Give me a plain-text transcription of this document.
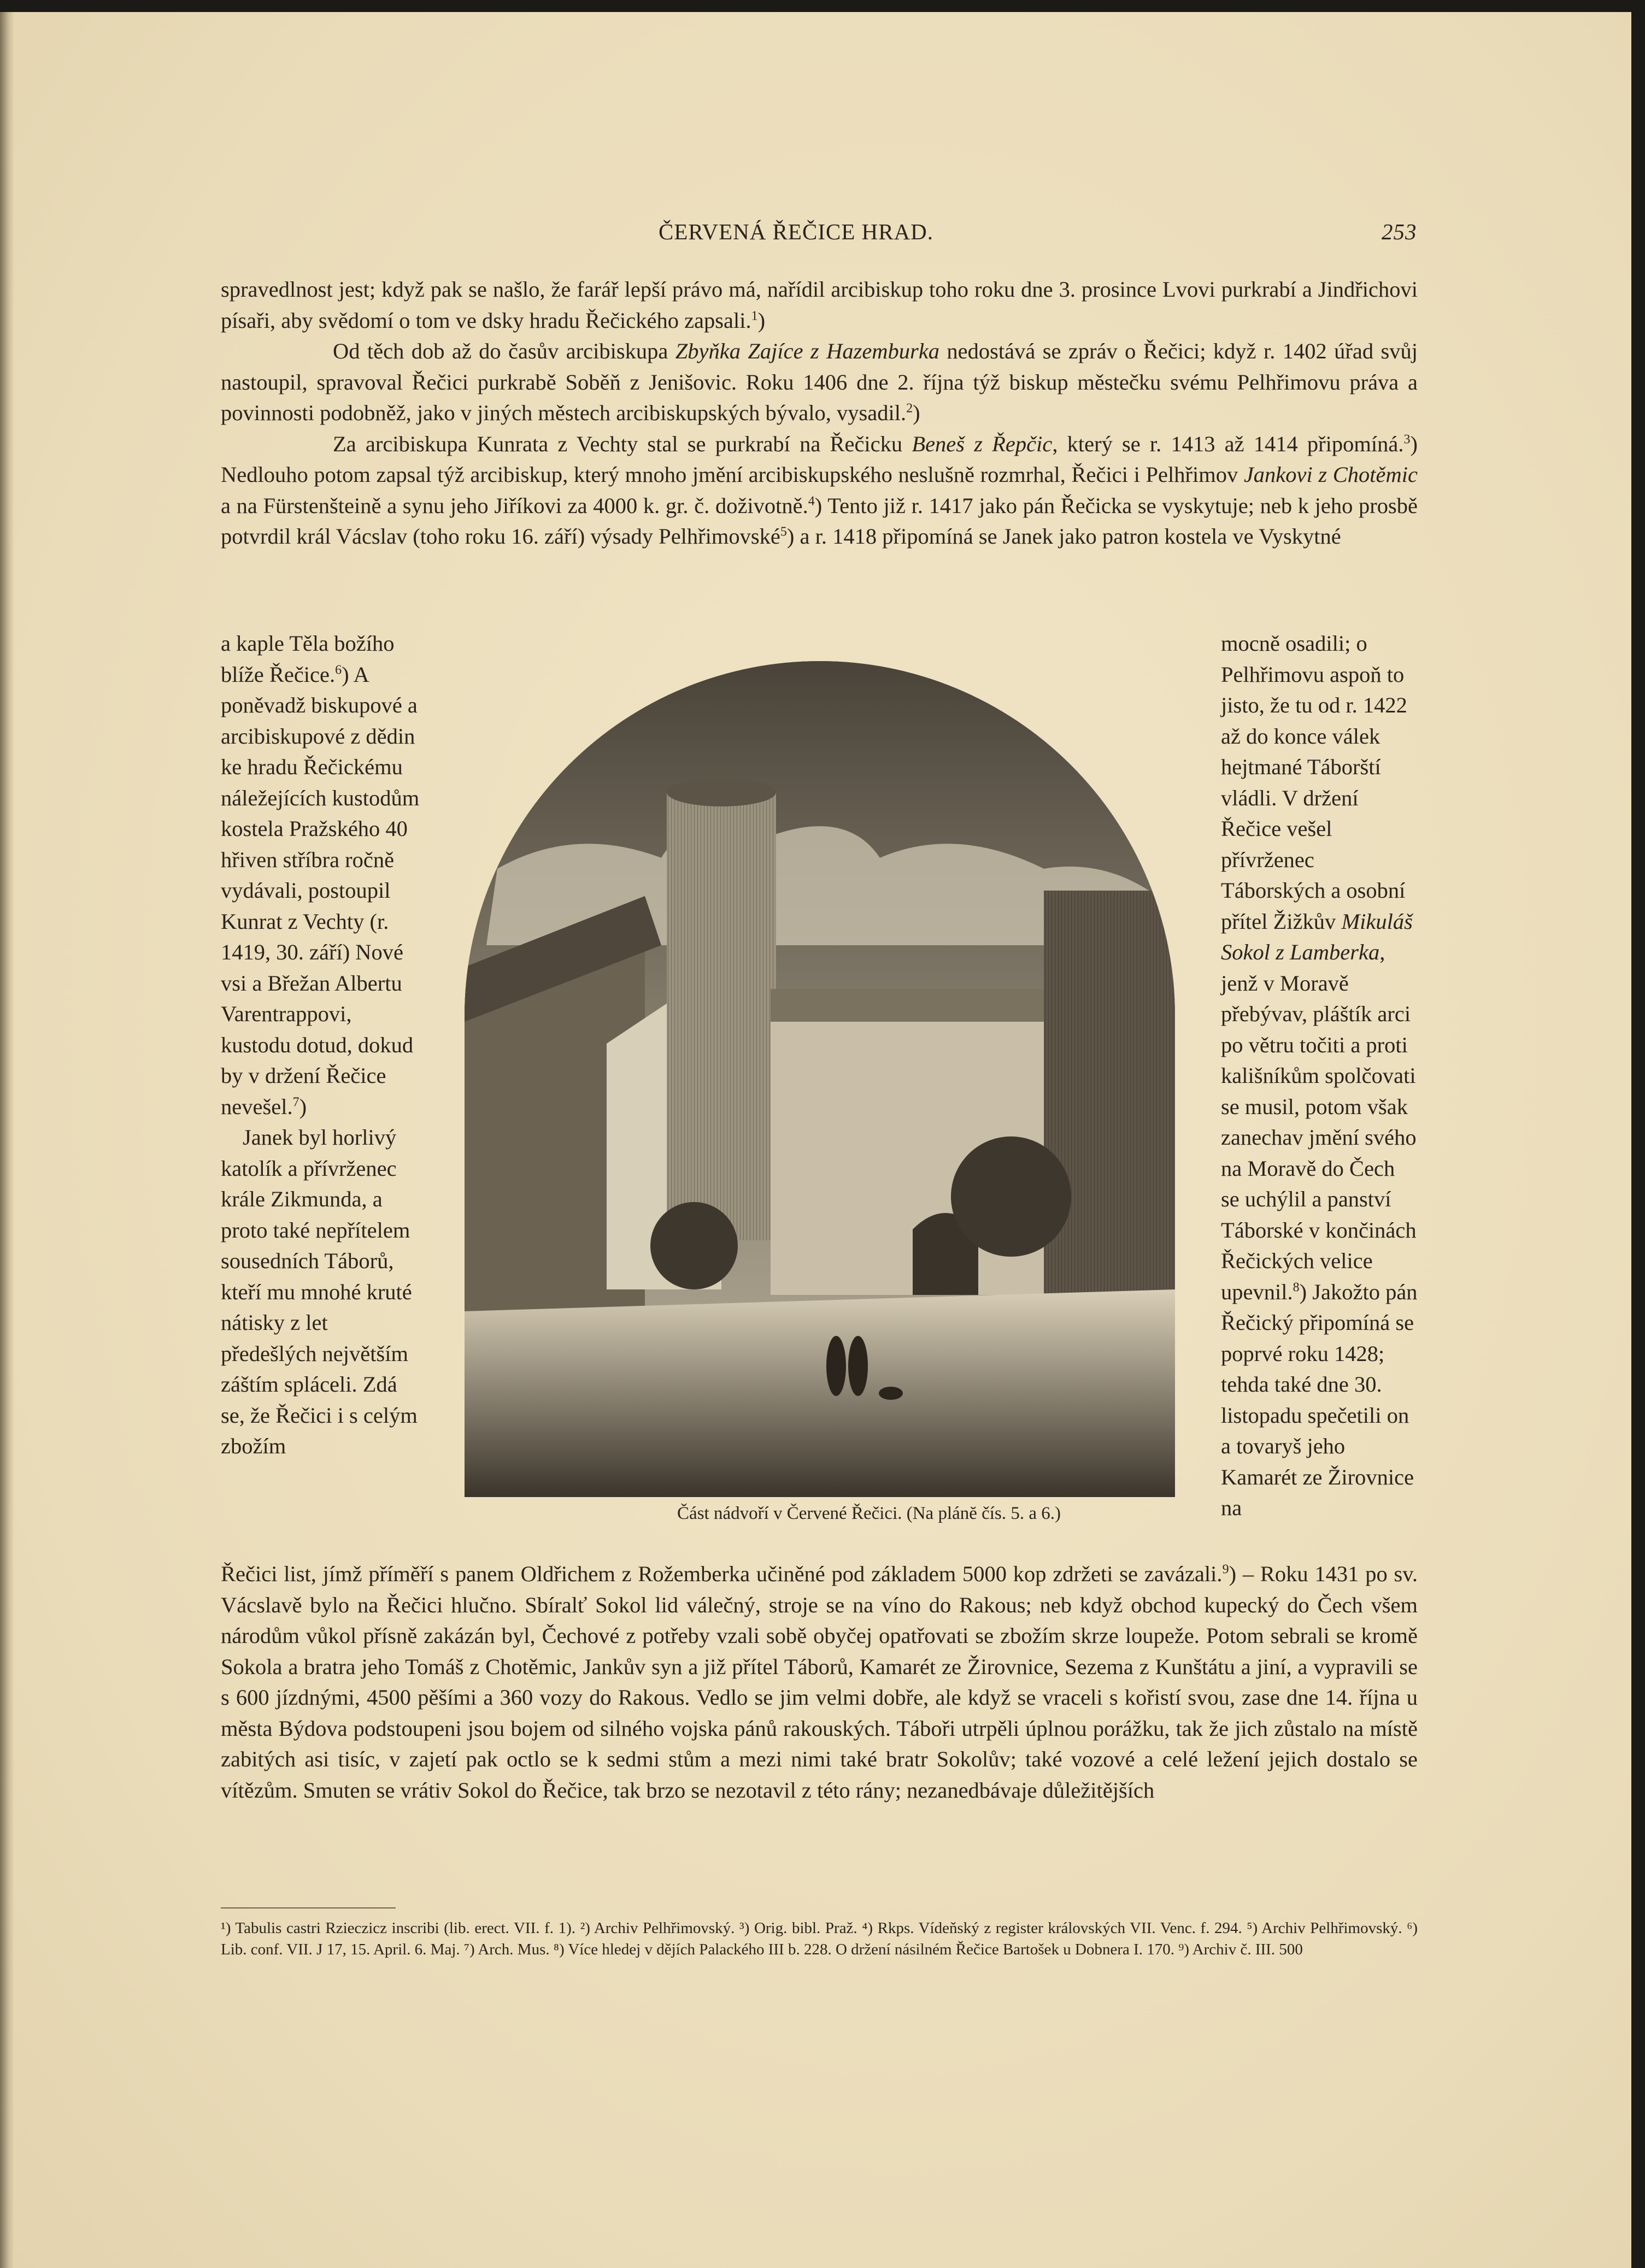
ČERVENÁ ŘEČICE HRAD.	253

spravedlnost jest; když pak se našlo, že farář lepší právo má, nařídil arcibiskup toho roku dne 3. prosince Lvovi purkrabí a Jindřichovi písaři, aby svědomí o tom ve dsky hradu Řečického zapsali.$^1$)

Od těch dob až do časův arcibiskupa Zbyňka Zajíce z Hazemburka nedostává se zpráv o Řečici; když r. 1402 úřad svůj nastoupil, spravoval Řečici purkrabě Soběň z Jenišovic. Roku 1406 dne 2. října týž biskup městečku svému Pelhřimovu práva a povinnosti podobněž, jako v jiných městech arcibiskupských bývalo, vysadil.$^2$)

Za arcibiskupa Kunrata z Vechty stal se purkrabí na Řečicku Beneš z Řepčic, který se r. 1413 až 1414 připomíná.$^3$) Nedlouho potom zapsal týž arcibiskup, který mnoho jmění arcibiskupského neslušně rozmrhal, Řečici i Pelhřimov Jankovi z Chotěmic a na Fürstenšteině a synu jeho Jiříkovi za 4000 k. gr. č. doživotně.$^4$) Tento již r. 1417 jako pán Řečicka se vyskytuje; neb k jeho prosbě potvrdil král Vácslav (toho roku 16. září) výsady Pelhřimovské$^5$) a r. 1418 připomíná se Janek jako patron kostela ve Vyskytné

a kaple Těla božího blíže Řečice.$^6$) A poněvadž biskupové a arcibiskupové z dědin ke hradu Řečickému náležejících kustodům kostela Pražského 40 hřiven stříbra ročně vydávali, postoupil Kunrat z Vechty (r. 1419, 30. září) Nové vsi a Břežan Albertu Varentrappovi, kustodu dotud, dokud by v držení Řečice nevešel.$^7$)

Janek byl horlivý katolík a přívrženec krále Zikmunda, a proto také nepřítelem sousedních Táborů, kteří mu mnohé kruté nátisky z let předešlých největším záštím spláceli. Zdá se, že Řečici i s celým zbožím

mocně osadili; o Pelhřimovu aspoň to jisto, že tu od r. 1422 až do konce válek hejtmané Táborští vládli. V držení Řečice vešel přívrženec Táborských a osobní přítel Žižkův Mikuláš Sokol z Lamberka, jenž v Moravě přebývav, pláštík arci po větru točiti a proti kališníkům spolčovati se musil, potom však zanechav jmění svého na Moravě do Čech se uchýlil a panství Táborské v končinách Řečických velice upevnil.$^8$) Jakožto pán Řečický připomíná se poprvé roku 1428; tehda také dne 30. listopadu spečetili on a tovaryš jeho Kamarét ze Žirovnice na

Část nádvoří v Červené Řečici. (Na plánĕ čís. 5. a 6.)

Řečici list, jímž příměří s panem Oldřichem z Rožemberka učiněné pod základem 5000 kop zdržeti se zavázali.$^9$) – Roku 1431 po sv. Vácslavě bylo na Řečici hlučno. Sbíralť Sokol lid válečný, stroje se na víno do Rakous; neb když obchod kupecký do Čech všem národům vůkol přísně zakázán byl, Čechové z potřeby vzali sobě obyčej opatřovati se zbožím skrze loupeže. Potom sebrali se kromě Sokola a bratra jeho Tomáš z Chotěmic, Jankův syn a již přítel Táborů, Kamarét ze Žirovnice, Sezema z Kunštátu a jiní, a vypravili se s 600 jízdnými, 4500 pěšími a 360 vozy do Rakous. Vedlo se jim velmi dobře, ale když se vraceli s kořistí svou, zase dne 14. října u města Býdova podstoupeni jsou bojem od silného vojska pánů rakouských. Táboři utrpěli úplnou porážku, tak že jich zůstalo na místě zabitých asi tisíc, v zajetí pak octlo se k sedmi stům a mezi nimi také bratr Sokolův; také vozové a celé ležení jejich dostalo se vítězům. Smuten se vrátiv Sokol do Řečice, tak brzo se nezotavil z této rány; nezanedbávaje důležitějších

¹) Tabulis castri Rzieczicz inscribi (lib. erect. VII. f. 1). ²) Archiv Pelhřimovský. ³) Orig. bibl. Praž. ⁴) Rkps. Vídeňský z register královských VII. Venc. f. 294. ⁵) Archiv Pelhřimovský. ⁶) Lib. conf. VII. J 17, 15. April. 6. Maj. ⁷) Arch. Mus. ⁸) Více hledej v dějích Palackého III b. 228. O držení násilném Řečice Bartošek u Dobnera I. 170. ⁹) Archiv č. III. 500
